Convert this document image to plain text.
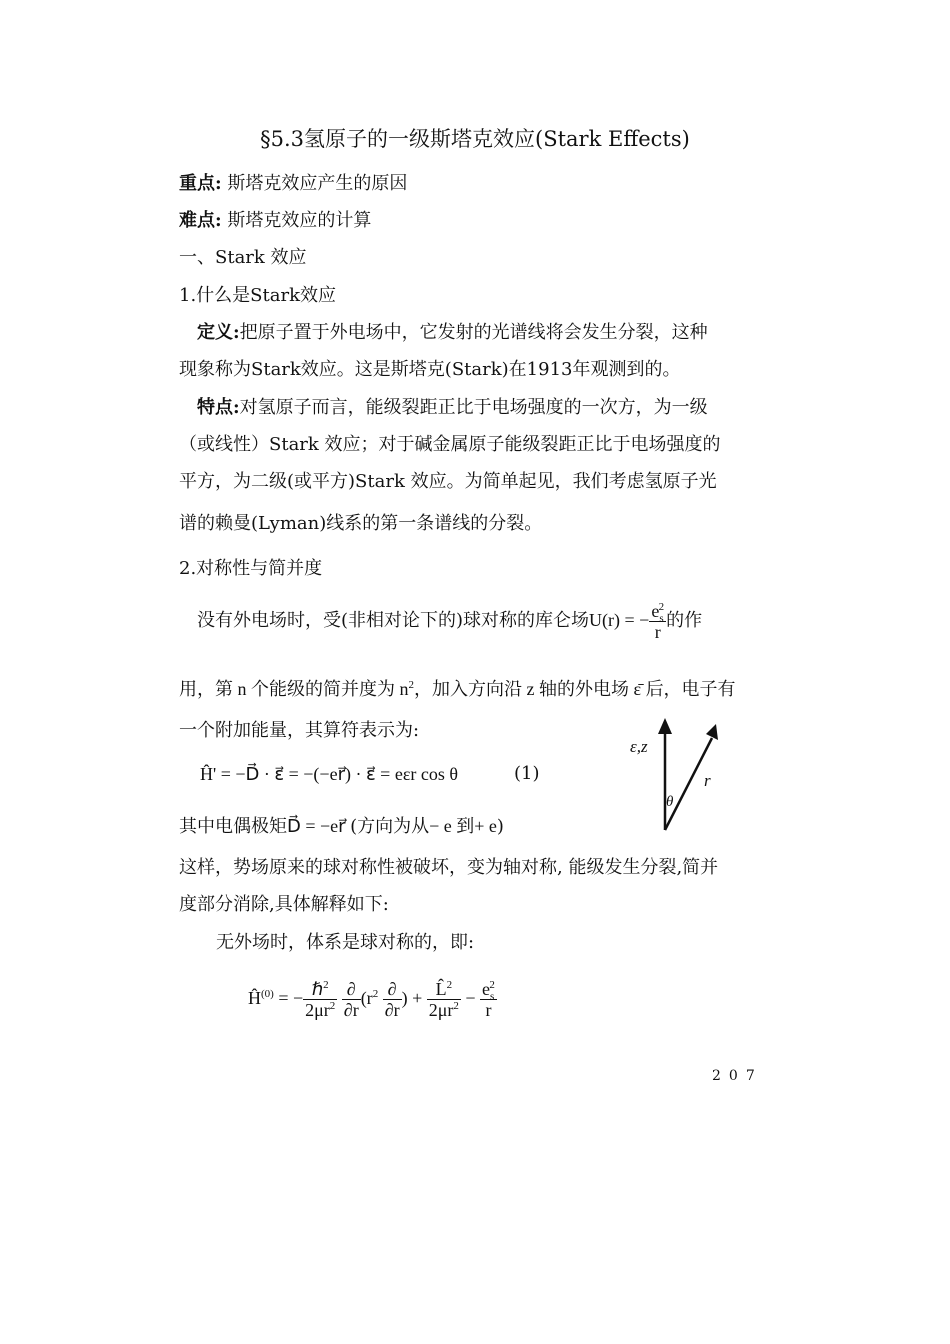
§5.3氢原子的一级斯塔克效应(Stark Effects)
重点: 斯塔克效应产生的原因
难点: 斯塔克效应的计算
一、Stark 效应
1.什么是Stark效应
定义:把原子置于外电场中，它发射的光谱线将会发生分裂，这种
现象称为Stark效应。这是斯塔克(Stark)在1913年观测到的。
特点:对氢原子而言，能级裂距正比于电场强度的一次方，为一级
（或线性）Stark 效应；对于碱金属原子能级裂距正比于电场强度的
平方，为二级(或平方)Stark 效应。为简单起见，我们考虑氢原子光
谱的赖曼(Lyman)线系的第一条谱线的分裂。
2.对称性与简并度
没有外电场时，受(非相对论下的)球对称的库仑场U(r) = − $\frac{e_s^2}{r}$ 的作
用，第 n 个能级的简并度为 $n^2$，加入方向沿 z 轴的外电场 ε̄ 后，电子有
一个附加能量，其算符表示为:
Ĥ' = −D⃗ · ε⃗ = −(−er⃗) · ε⃗ = eεr cos θ	(1)
ε,z
r
θ
其中电偶极矩D⃗ = −er⃗ (方向为从− e 到+ e)
这样，势场原来的球对称性被破坏，变为轴对称, 能级发生分裂,简并
度部分消除,具体解释如下:
无外场时，体系是球对称的，即:
$Ĥ^{(0)}$ = − $\frac{\hbar^2}{2\mu r^2}$
$\frac{\partial}{\partial r} (r^2 \frac{\partial}{\partial r}$ ) + $\frac{L̂^2}{2\mu r^2} - \frac{e_s^2}{r}$
207
